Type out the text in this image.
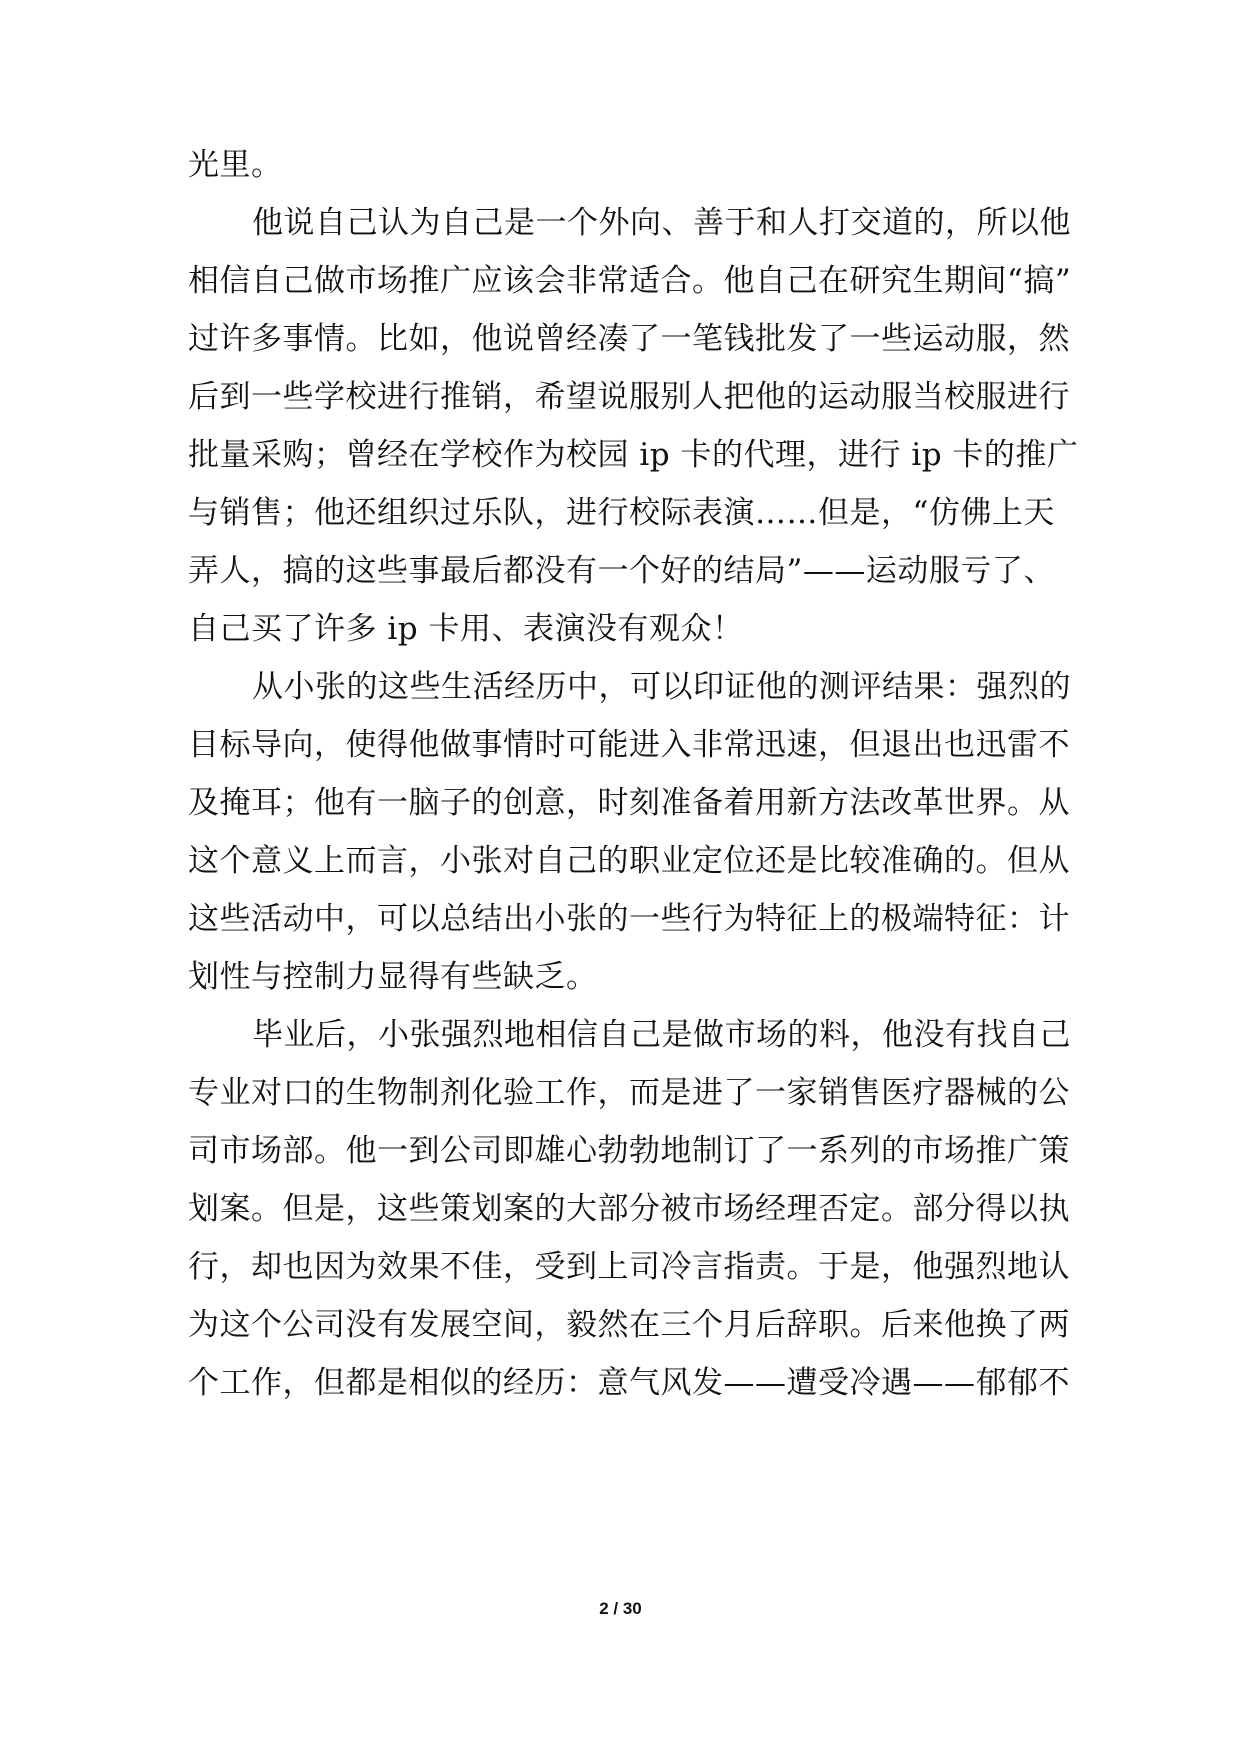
光里。
他说自己认为自己是一个外向、善于和人打交道的，所以他
相信自己做市场推广应该会非常适合。他自己在研究生期间“搞”
过许多事情。比如，他说曾经凑了一笔钱批发了一些运动服，然
后到一些学校进行推销，希望说服别人把他的运动服当校服进行
批量采购；曾经在学校作为校园 ip 卡的代理，进行 ip 卡的推广
与销售；他还组织过乐队，进行校际表演……但是，“仿佛上天
弄人，搞的这些事最后都没有一个好的结局”——运动服亏了、
自己买了许多 ip 卡用、表演没有观众！
从小张的这些生活经历中，可以印证他的测评结果：强烈的
目标导向，使得他做事情时可能进入非常迅速，但退出也迅雷不
及掩耳；他有一脑子的创意，时刻准备着用新方法改革世界。从
这个意义上而言，小张对自己的职业定位还是比较准确的。但从
这些活动中，可以总结出小张的一些行为特征上的极端特征：计
划性与控制力显得有些缺乏。
毕业后，小张强烈地相信自己是做市场的料，他没有找自己
专业对口的生物制剂化验工作，而是进了一家销售医疗器械的公
司市场部。他一到公司即雄心勃勃地制订了一系列的市场推广策
划案。但是，这些策划案的大部分被市场经理否定。部分得以执
行，却也因为效果不佳，受到上司冷言指责。于是，他强烈地认
为这个公司没有发展空间，毅然在三个月后辞职。后来他换了两
个工作，但都是相似的经历：意气风发——遭受冷遇——郁郁不
2 / 30
